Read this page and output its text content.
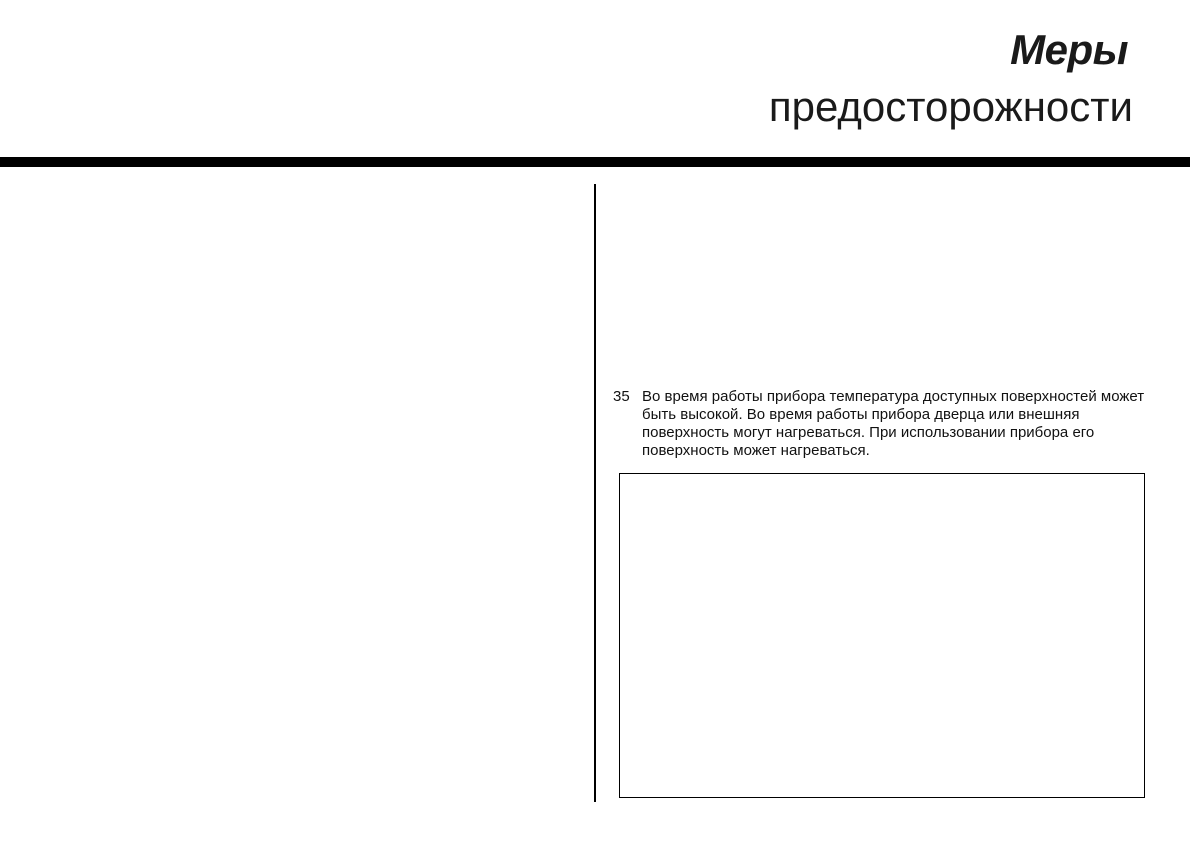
Меры
предосторожности
35 Во время работы прибора температура доступных поверхностей может быть высокой. Во время работы прибора дверца или внешняя поверхность могут нагреваться. При использовании прибора его поверхность может нагреваться.
